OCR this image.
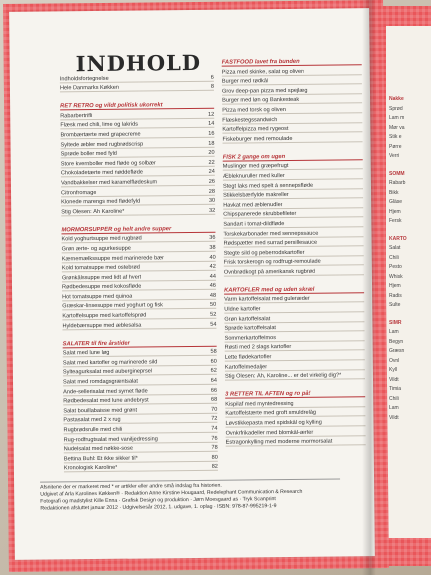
Nakke
Sprød
Lam m
Mør va
Stik e
Pørre
Verri
SOMM
Rabarb
Bikk
Gläse
Hjem
Fersk
KARTO
Salat
Chili
Pesto
Whisk
Hjem
Radis
Sulte
SIMR
Lam
Begyn
Græsn
Ovnl
Kyll
Vildt
Timia
Chili
Lam
Vildt
INDHOLD
Indholdsfortegnelse	6
Hele Danmarks Køkken	8
RET RETRO og vildt politisk ukorrekt
Rabarbertrifli	12
Flæsk med chili, lime og lakrids	14
Brombærtærte med grapecreme	16
Syltede æbler med rugbrødscrisp	18
Sprøde boller med fyld	20
Store kvernboller med fløde og solbær	22
Chokoladetærte med nøddefløde	24
Vandbakkelser med karamelflødeskum	26
Citronfromage	28
Klonede marengs med flødefyld	30
Stig Olesen: Åh Karoline*	32
MORMORSUPPER og helt andre supper
Kold yoghurtsuppe med rugbrød	36
Grøn ærte- og agurkesuppe	38
Kærnemælkssuppe med marinerede bær	40
Kold tomatsuppe med ostebrød	42
Grønkålssuppe med lidt af hvert	44
Rødbedesuppe med kokosfløde	46
Hot tomatsuppe med quinoa	48
Græskar-linsesuppe med yoghurt og fisk	50
Kartoffelsuppe med kartoffelsprød	52
Hyldebærsuppe med æblesalsa	54
SALATER til fire årstider
Salat med lune løg	58
Salat med kartofler og marinerede sild	60
Sylteagurksalat med aubergineprsel	62
Salat med romdagsgræntsalat	64
Ande-sellerisalat med syrnet fløde	66
Rødbedesalat med lune andebryst	68
Salat bouillabaisse med grønt	70
Pastasalat med 2 x rug	72
Rugbrødsrulle med chili	74
Rug-rodfrugtsalat med vaniljedressing	76
Nudelsalat med nøkke-sose	78
Bettina Buhl: Et ikke sikker til*	80
Kronologisk Karoline*	82
FASTFOOD lavet fra bunden
Pizza med skinke, salat og oliven
Burger med rødkål
Grov deep-pan pizza med spejlæg
Burger med løn og Bankesteak
Pizza med torsk og oliven
Flæskestegssandwich
Kartoffelpizza med rygeost
Fiskeburger med remoulade
FISK 2 gange om ugen
Muslinger med græpefrugt
Æbleknuruller med kuller
Stegt laks med spelt á sennepsfløde
Stikkelsbærfylde makreller
Havkat med æblenudler
Chipspanerede skrubbefileter
Sandart i tomat-dildfløde
Torskekarbonader med sennepssauce
Rødspætter med surrad persillesauce
Stegte sild og peberrodskartofler
Frisk torskerogn og rodfrugt-remoulade
Ovnbrødkogt på amerikansk rugbrød
KARTOFLER med og uden skræl
Varm kartoffelsalat med guleræder
Uldne kartofler
Grøn kartoffelsalat
Sprøde kartoffelsalat
Sommerkartoffelmos
Røsti med 2 slags kartofler
Lette flødekartofler
Kartoffelmedaljer
Stig Olesen: Åh, Karoline... er det virkelig dig?*
3 RETTER TIL AFTEN og ro på!
Kispilaf med myntedressing
Kartoffelstærte med groft smuldrelåg
Løvstikkepasta med spidskål og kylling
Ovnkrfrikadeller med blomkål-ærter
Estragonkylling med moderne mormorsalat
Afsnitene der er markeret med * er artikler eller andre små indslag fra historien.
Udgivet af Arla Karolines Køkken® · Redaktion Anne Kirstine Hougaard, Redelephant Communication & Research
Fotografi og madstylist Kille Enna · Grafisk Design og produktion · Jørn Moesgaard as · Tryk Scanprint
Redaktionen afsluttet januar 2012 · Udgivelsesår 2012, 1. udgave, 1. oplag · ISBN: 978-87-995219-1-9
